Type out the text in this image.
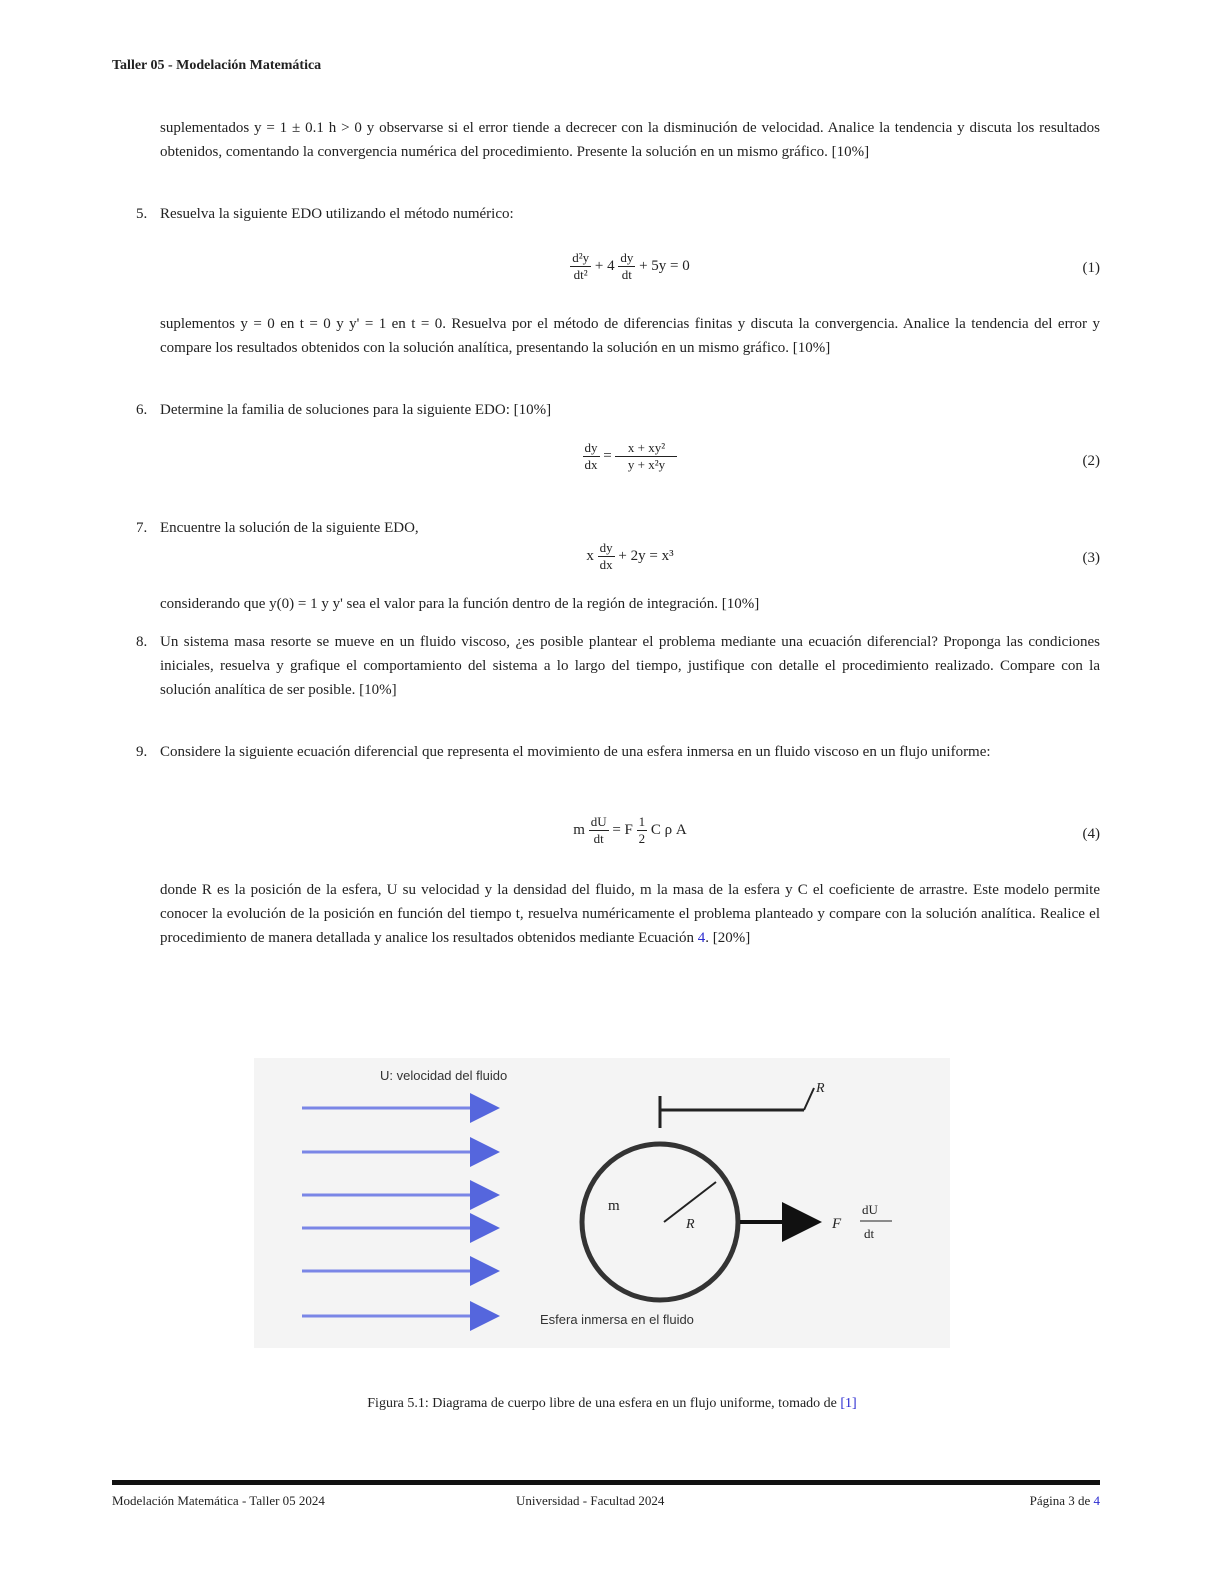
Taller 05 - Modelación Matemática
suplementados y = 1 ± 0.1 h > 0 y observarse si el error tiende a decrecer con la disminución de velocidad. Analice la tendencia y discuta los resultados obtenidos, comentando la convergencia numérica del procedimiento. Presente la solución en un mismo gráfico. [10%]
5. Resuelva la siguiente EDO utilizando el método numérico:
$\frac{\text{d²y}}{\text{dt²}} + 4 \frac{dy}{dt} + 5y = 0$	(1)
suplementos y = 0 en t = 0 y y' = 1 en t = 0. Resuelva por el método de diferencias finitas y discuta la convergencia. Analice la tendencia del error y compare los resultados obtenidos con la solución analítica, presentando la solución en un mismo gráfico. [10%]
6. Determine la familia de soluciones para la siguiente EDO: [10%]
$\frac{dy}{dx} = \frac{\text{x + xy²}}{\text{y + x²y}}$	(2)
7. Encuentre la solución de la siguiente EDO,
x $\frac{dy}{dx} + 2y = x^3$	(3)
considerando que y(0) = 1 y y' sea el valor para la función dentro de la región de integración. [10%]
8. Un sistema masa resorte se mueve en un fluido viscoso, ¿es posible plantear el problema mediante una ecuación diferencial? Proponga las condiciones iniciales, resuelva y grafique el comportamiento del sistema a lo largo del tiempo, justifique con detalle el procedimiento realizado. Compare con la solución analítica de ser posible. [10%]
9. Considere la siguiente ecuación diferencial que representa el movimiento de una esfera inmersa en un fluido viscoso en un flujo uniforme:
m $\frac{dU}{dt} = F \frac{1}{2}$ C ρ A	(4)
donde R es la posición de la esfera, U su velocidad y la densidad del fluido, m la masa de la esfera y C el coeficiente de arrastre. Este modelo permite conocer la evolución de la posición en función del tiempo t, resuelva numéricamente el problema planteado y compare con la solución analítica. Realice el procedimiento de manera detallada y analice los resultados obtenidos mediante Ecuación 4. [20%]
U: velocidad del fluido
R
m
R	F
dU
dt
Esfera inmersa en el fluido
Figura 5.1: Diagrama de cuerpo libre de una esfera en un flujo uniforme, tomado de [1]
Modelación Matemática - Taller 05 2024	Universidad - Facultad 2024	Página 3 de 4
